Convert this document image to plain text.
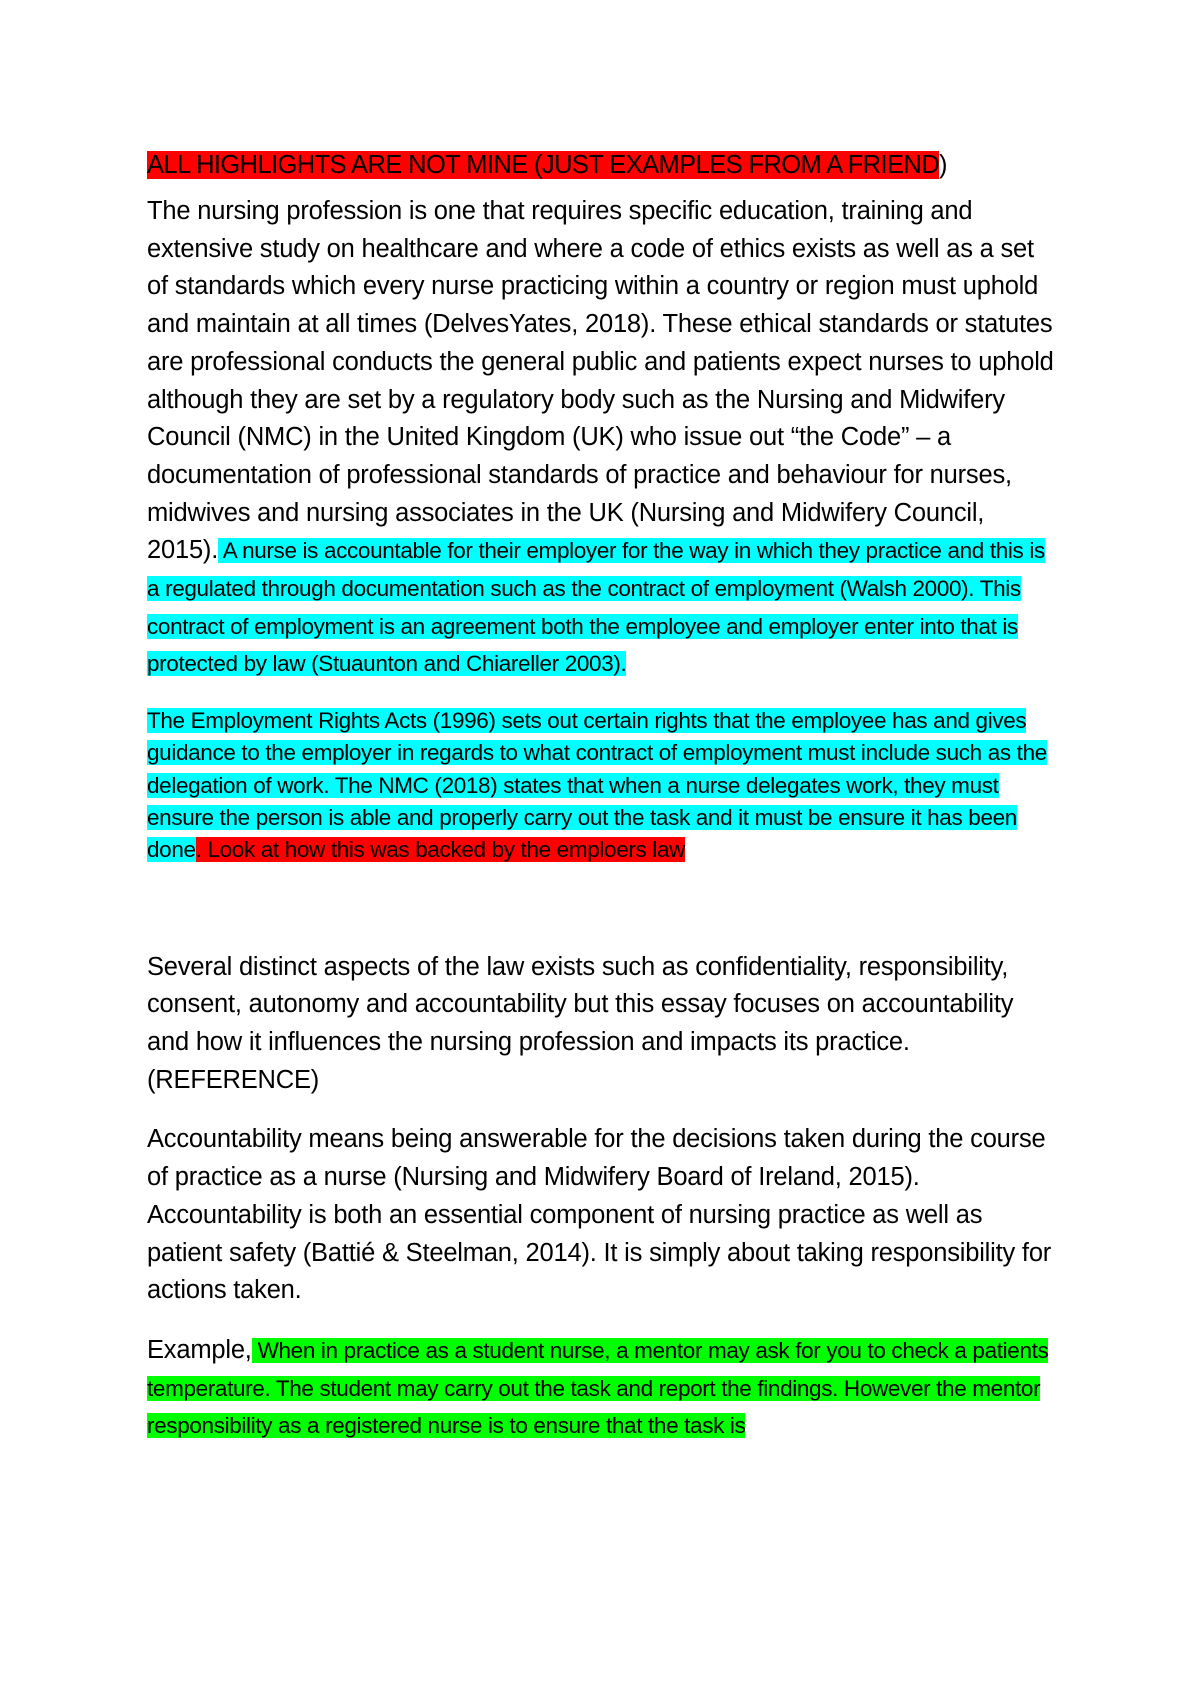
ALL HIGHLIGHTS ARE NOT MINE (JUST EXAMPLES FROM A FRIEND)

The nursing profession is one that requires specific education, training and extensive study on healthcare and where a code of ethics exists as well as a set of standards which every nurse practicing within a country or region must uphold and maintain at all times (DelvesYates, 2018). These ethical standards or statutes are professional conducts the general public and patients expect nurses to uphold although they are set by a regulatory body such as the Nursing and Midwifery Council (NMC) in the United Kingdom (UK) who issue out “the Code” – a documentation of professional standards of practice and behaviour for nurses, midwives and nursing associates in the UK (Nursing and Midwifery Council, 2015). A nurse is accountable for their employer for the way in which they practice and this is a regulated through documentation such as the contract of employment (Walsh 2000). This contract of employment is an agreement both the employee and employer enter into that is protected by law (Stuaunton and Chiareller 2003).

The Employment Rights Acts (1996) sets out certain rights that the employee has and gives guidance to the employer in regards to what contract of employment must include such as the delegation of work. The NMC (2018) states that when a nurse delegates work, they must ensure the person is able and properly carry out the task and it must be ensure it has been done. Look at how this was backed by the emploers law

Several distinct aspects of the law exists such as confidentiality, responsibility, consent, autonomy and accountability but this essay focuses on accountability and how it influences the nursing profession and impacts its practice.(REFERENCE)

Accountability means being answerable for the decisions taken during the course of practice as a nurse (Nursing and Midwifery Board of Ireland, 2015). Accountability is both an essential component of nursing practice as well as patient safety (Battié & Steelman, 2014). It is simply about taking responsibility for actions taken.

Example, When in practice as a student nurse, a mentor may ask for you to check a patients temperature. The student may carry out the task and report the findings. However the mentor responsibility as a registered nurse is to ensure that the task is
